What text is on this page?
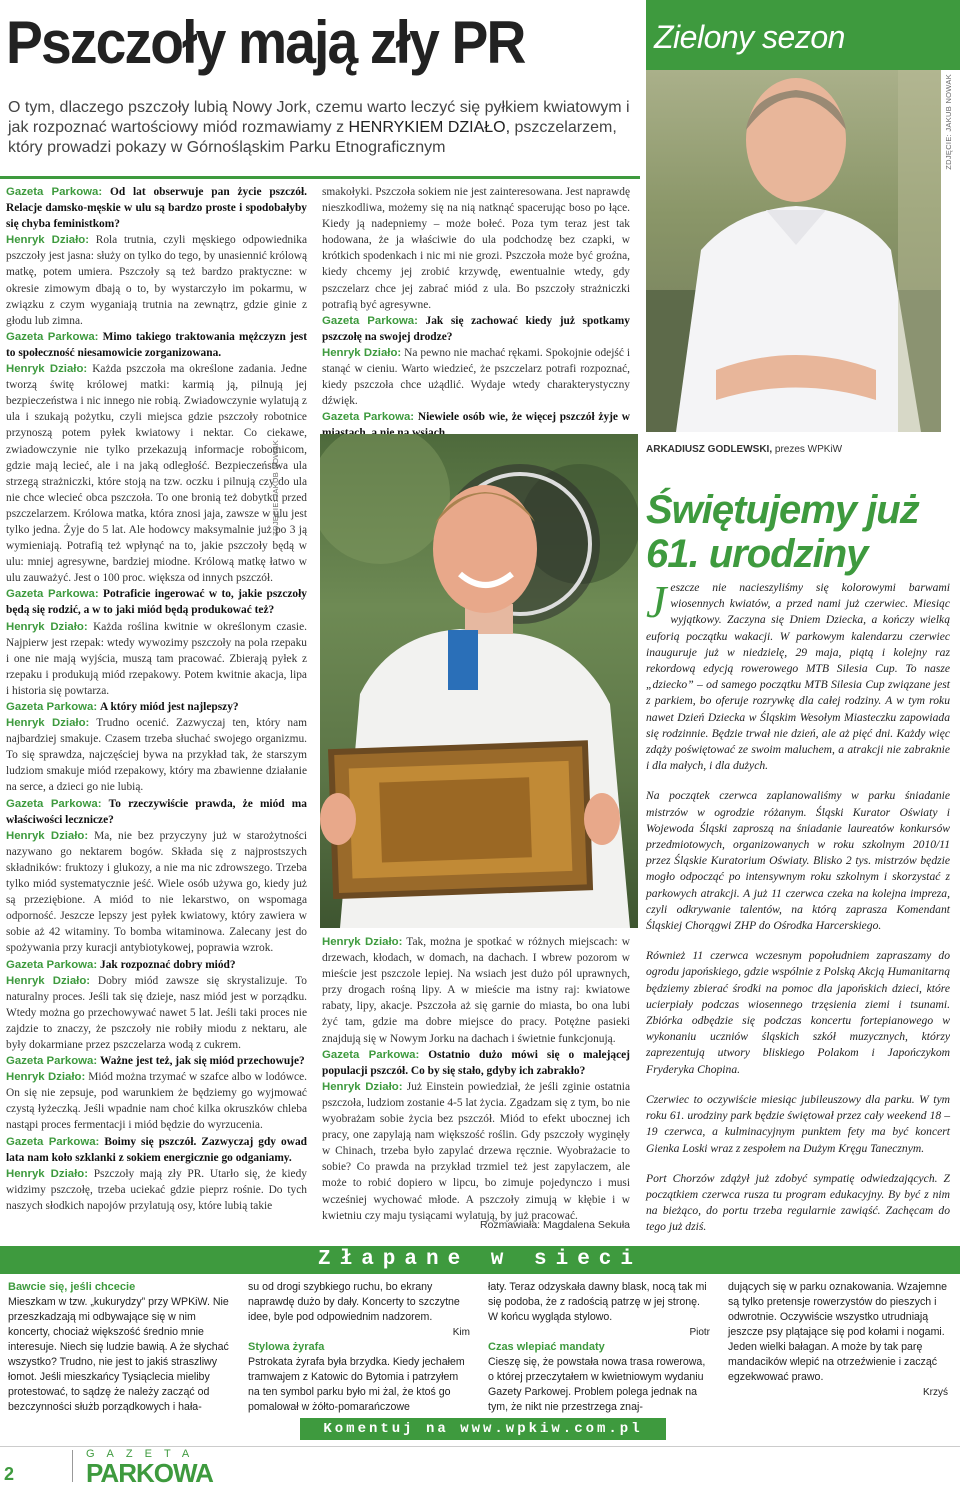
Pszczoły mają zły PR

O tym, dlaczego pszczoły lubią Nowy Jork, czemu warto leczyć się pyłkiem kwiatowym i jak rozpoznać wartościowy miód rozmawiamy z HENRYKIEM DZIAŁO, pszczelarzem, który prowadzi pokazy w Górnośląskim Parku Etnograficznym

Gazeta Parkowa: Od lat obserwuje pan życie pszczół. Relacje damsko-męskie w ulu są bardzo proste i spodobałyby się chyba feministkom?

Henryk Działo: Rola trutnia, czyli męskiego odpowiednika pszczoły jest jasna: służy on tylko do tego, by unasiennić królową matkę, potem umiera. Pszczoły są też bardzo praktyczne: w okresie zimowym dbają o to, by wystarczyło im pokarmu, w związku z czym wyganiają trutnia na zewnątrz, gdzie ginie z głodu lub zimna.

Gazeta Parkowa: Mimo takiego traktowania mężczyzn jest to społeczność niesamowicie zorganizowana.

Henryk Działo: Każda pszczoła ma określone zadania. Jedne tworzą świtę królowej matki: karmią ją, pilnują jej bezpieczeństwa i nic innego nie robią. Zwiadowczynie wylatują z ula i szukają pożytku, czyli miejsca gdzie pszczoły robotnice przynoszą potem pyłek kwiatowy i nektar. Co ciekawe, zwiadowczynie nie tylko przekazują informacje robotnicom, gdzie mają lecieć, ale i na jaką odległość. Bezpieczeństwa ula strzegą strażniczki, które stoją na tzw. oczku i pilnują czy do ula nie chce wlecieć obca pszczoła. To one bronią też dobytku przed pszczelarzem. Królowa matka, która znosi jaja, zawsze w ulu jest tylko jedna. Żyje do 5 lat. Ale hodowcy maksymalnie już po 3 ją wymieniają. Potrafią też wpłynąć na to, jakie pszczoły będą w ulu: mniej agresywne, bardziej miodne. Królową matkę łatwo w ulu zauważyć. Jest o 100 proc. większa od innych pszczół.

Gazeta Parkowa: Potraficie ingerować w to, jakie pszczoły będą się rodzić, a w to jaki miód będą produkować też?

Henryk Działo: Każda roślina kwitnie w określonym czasie. Najpierw jest rzepak: wtedy wywozimy pszczoły na pola rzepaku i one nie mają wyjścia, muszą tam pracować. Zbierają pyłek z rzepaku i produkują miód rzepakowy. Potem kwitnie akacja, lipa i historia się powtarza.

Gazeta Parkowa: A który miód jest najlepszy?

Henryk Działo: Trudno ocenić. Zazwyczaj ten, który nam najbardziej smakuje. Czasem trzeba słuchać swojego organizmu. To się sprawdza, najczęściej bywa na przykład tak, że starszym ludziom smakuje miód rzepakowy, który ma zbawienne działanie na serce, a dzieci go nie lubią.

Gazeta Parkowa: To rzeczywiście prawda, że miód ma właściwości lecznicze?

Henryk Działo: Ma, nie bez przyczyny już w starożytności nazywano go nektarem bogów. Składa się z najprostszych składników: fruktozy i glukozy, a nie ma nic zdrowszego. Trzeba tylko miód systematycznie jeść. Wiele osób używa go, kiedy już są przeziębione. A miód to nie lekarstwo, on wspomaga odporność. Jeszcze lepszy jest pyłek kwiatowy, który zawiera w sobie aż 42 witaminy. To bomba witaminowa. Zalecany jest do spożywania przy kuracji antybiotykowej, poprawia wzrok.

Gazeta Parkowa: Jak rozpoznać dobry miód?

Henryk Działo: Dobry miód zawsze się skrystalizuje. To naturalny proces. Jeśli tak się dzieje, nasz miód jest w porządku. Wtedy można go przechowywać nawet 5 lat. Jeśli taki proces nie zajdzie to znaczy, że pszczoły nie robiły miodu z nektaru, ale były dokarmiane przez pszczelarza wodą z cukrem.

Gazeta Parkowa: Ważne jest też, jak się miód przechowuje?

Henryk Działo: Miód można trzymać w szafce albo w lodówce. On się nie zepsuje, pod warunkiem że będziemy go wyjmować czystą łyżeczką. Jeśli wpadnie nam choć kilka okruszków chleba nastąpi proces fermentacji i miód będzie do wyrzucenia.

Gazeta Parkowa: Boimy się pszczół. Zazwyczaj gdy owad lata nam koło szklanki z sokiem energicznie go odganiamy.

Henryk Działo: Pszczoły mają zły PR. Utarło się, że kiedy widzimy pszczołę, trzeba uciekać gdzie pieprz rośnie. Do tych naszych słodkich napojów przylatują osy, które lubią takie

ZDJĘCIE: JAKUB NOWAK

smakołyki. Pszczoła sokiem nie jest zainteresowana. Jest naprawdę nieszkodliwa, możemy się na nią natknąć spacerując boso po łące. Kiedy ją nadepniemy – może bołeć. Poza tym teraz jest tak hodowana, że ja właściwie do ula podchodzę bez czapki, w krótkich spodenkach i nic mi nie grozi. Pszczoła może być groźna, kiedy chcemy jej zrobić krzywdę, ewentualnie wtedy, gdy pszczelarz chce jej zabrać miód z ula. Bo pszczoły strażniczki potrafią być agresywne.

Gazeta Parkowa: Jak się zachować kiedy już spotkamy pszczołę na swojej drodze?

Henryk Działo: Na pewno nie machać rękami. Spokojnie odejść i stanąć w cieniu. Warto wiedzieć, że pszczelarz potrafi rozpoznać, kiedy pszczoła chce użądlić. Wydaje wtedy charakterystyczny dźwięk.

Gazeta Parkowa: Niewiele osób wie, że więcej pszczół żyje w

Henryk Działo: Tak, można je spotkać w różnych miejscach: w drzewach, kłodach, w domach, na dachach. I wbrew pozorom w mieście jest pszczole lepiej. Na wsiach jest dużo pól uprawnych, przy drogach rośną lipy. A w mieście ma istny raj: kwiatowe rabaty, lipy, akacje. Pszczoła aż się garnie do miasta, bo ona lubi żyć tam, gdzie ma dobre miejsce do pracy. Potężne pasieki znajdują się w Nowym Jorku na dachach i świetnie funkcjonują.

Gazeta Parkowa: Ostatnio dużo mówi się o malejącej populacji pszczół. Co by się stało, gdyby ich zabrakło?

Henryk Działo: Już Einstein powiedział, że jeśli zginie ostatnia pszczoła, ludziom zostanie 4-5 lat życia. Zgadzam się z tym, bo nie wyobrażam sobie życia bez pszczół. Miód to efekt ubocznej ich pracy, one zapylają nam większość roślin. Gdy pszczoły wyginęły w Chinach, trzeba było zapylać drzewa ręcznie. Wyobrażacie to sobie? Co prawda na przykład trzmiel też jest zapylaczem, ale może to robić dopiero w lipcu, bo zimuje pojedynczo i musi wcześniej wychować młode. A pszczoły zimują w kłębie i w kwietniu czy maju tysiącami wylatują, by już pracować.

Rozmawiała: Magdalena Sekuła
Zielony sezon
ZDJĘCIE: JAKUB NOWAK
ARKADIUSZ GODLEWSKI, prezes WPKiW
Świętujemy już
61. urodziny

Jeszcze nie nacieszyliśmy się kolorowymi barwami wiosennych kwiatów, a przed nami już czerwiec. Miesiąc wyjątkowy. Zaczyna się Dniem Dziecka, a kończy wielką euforią początku wakacji. W parkowym kalendarzu czerwiec inauguruje już w niedzielę, 29 maja, piątą i kolejny raz rekordową edycją rowerowego MTB Silesia Cup. To nasze „dziecko” – od samego początku MTB Silesia Cup związane jest z parkiem, bo oferuje rozrywkę dla całej rodziny. A w tym roku nawet Dzień Dziecka w Śląskim Wesołym Miasteczku zapowiada się rodzinnie. Będzie trwał nie dzień, ale aż pięć dni. Każdy więc zdąży poświętować ze swoim maluchem, a atrakcji nie zabraknie i dla małych, i dla dużych.

Na początek czerwca zaplanowaliśmy w parku śniadanie mistrzów w ogrodzie różanym. Śląski Kurator Oświaty i Wojewoda Śląski zaproszą na śniadanie laureatów konkursów przedmiotowych, organizowanych w roku szkolnym 2010/11 przez Śląskie Kuratorium Oświaty. Blisko 2 tys. mistrzów będzie mogło odpocząć po intensywnym roku szkolnym i skorzystać z parkowych atrakcji. A już 11 czerwca czeka na kolejna impreza, czyli odkrywanie talentów, na którą zaprasza Komendant Śląskiej Chorągwi ZHP do Ośrodka Harcerskiego.

Również 11 czerwca wczesnym popołudniem zapraszamy do ogrodu japońskiego, gdzie wspólnie z Polską Akcją Humanitarną będziemy zbierać środki na pomoc dla japońskich dzieci, które ucierpiały podczas wiosennego trzęsienia ziemi i tsunami. Zbiórka odbędzie się podczas koncertu fortepianowego w wykonaniu uczniów śląskich szkół muzycznych, którzy zaprezentują utwory bliskiego Polakom i Japończykom Fryderyka Chopina.

Czerwiec to oczywiście miesiąc jubileuszowy dla parku. W tym roku 61. urodziny park będzie świętował przez cały weekend 18 – 19 czerwca, a kulminacyjnym punktem fety ma być koncert Gienka Loski wraz z zespołem na Dużym Kręgu Tanecznym.

Port Chorzów zdążył już zdobyć sympatię odwiedzających. Z początkiem czerwca rusza tu program edukacyjny. By być z nim na bieżąco, do portu trzeba regularnie zawiąść. Zachęcam do tego już dziś.

Złapane w sieci
Bawcie się, jeśli chcecie
Mieszkam w tzw. „kukurydzy” przy WPKiW. Nie przeszkadzają mi odbywające się w nim koncerty, chociaż większość średnio mnie interesuje. Niech się ludzie bawią. A że słychać wszystko? Trudno, nie jest to jakiś straszliwy łomot. Jeśli mieszkańcy Tysiąclecia mieliby protestować, to sądzę że należy zacząć od bezczynności służb porządkowych i hała-
su od drogi szybkiego ruchu, bo ekrany naprawdę dużo by dały. Koncerty to szczytne idee, byle pod odpowiednim nadzorem.
Kim
Stylowa żyrafa
Pstrokata żyrafa była brzydka. Kiedy jechałem tramwajem z Katowic do Bytomia i patrzyłem na ten symbol parku było mi żal, że ktoś go pomalował w żółto-pomarańczowe
łaty. Teraz odzyskała dawny blask, nocą tak mi się podoba, że z radością patrzę w jej stronę. W końcu wygląda stylowo.
Piotr
Czas wlepiać mandaty
Cieszę się, że powstała nowa trasa rowerowa, o której przeczytałem w kwietniowym wydaniu Gazety Parkowej. Problem polega jednak na tym, że nikt nie przestrzega znaj-
dujących się w parku oznakowania. Wzajemne są tylko pretensje rowerzystów do pieszych i odwrotnie. Oczywiście wszystko utrudniają jeszcze psy plątające się pod kołami i nogami. Jeden wielki bałagan. A może by tak parę mandacików wlepić na otrzeźwienie i zacząć egzekwować prawo.
Krzyś
Komentuj na www.wpkiw.com.pl
2
GAZETA
PARKOWA
